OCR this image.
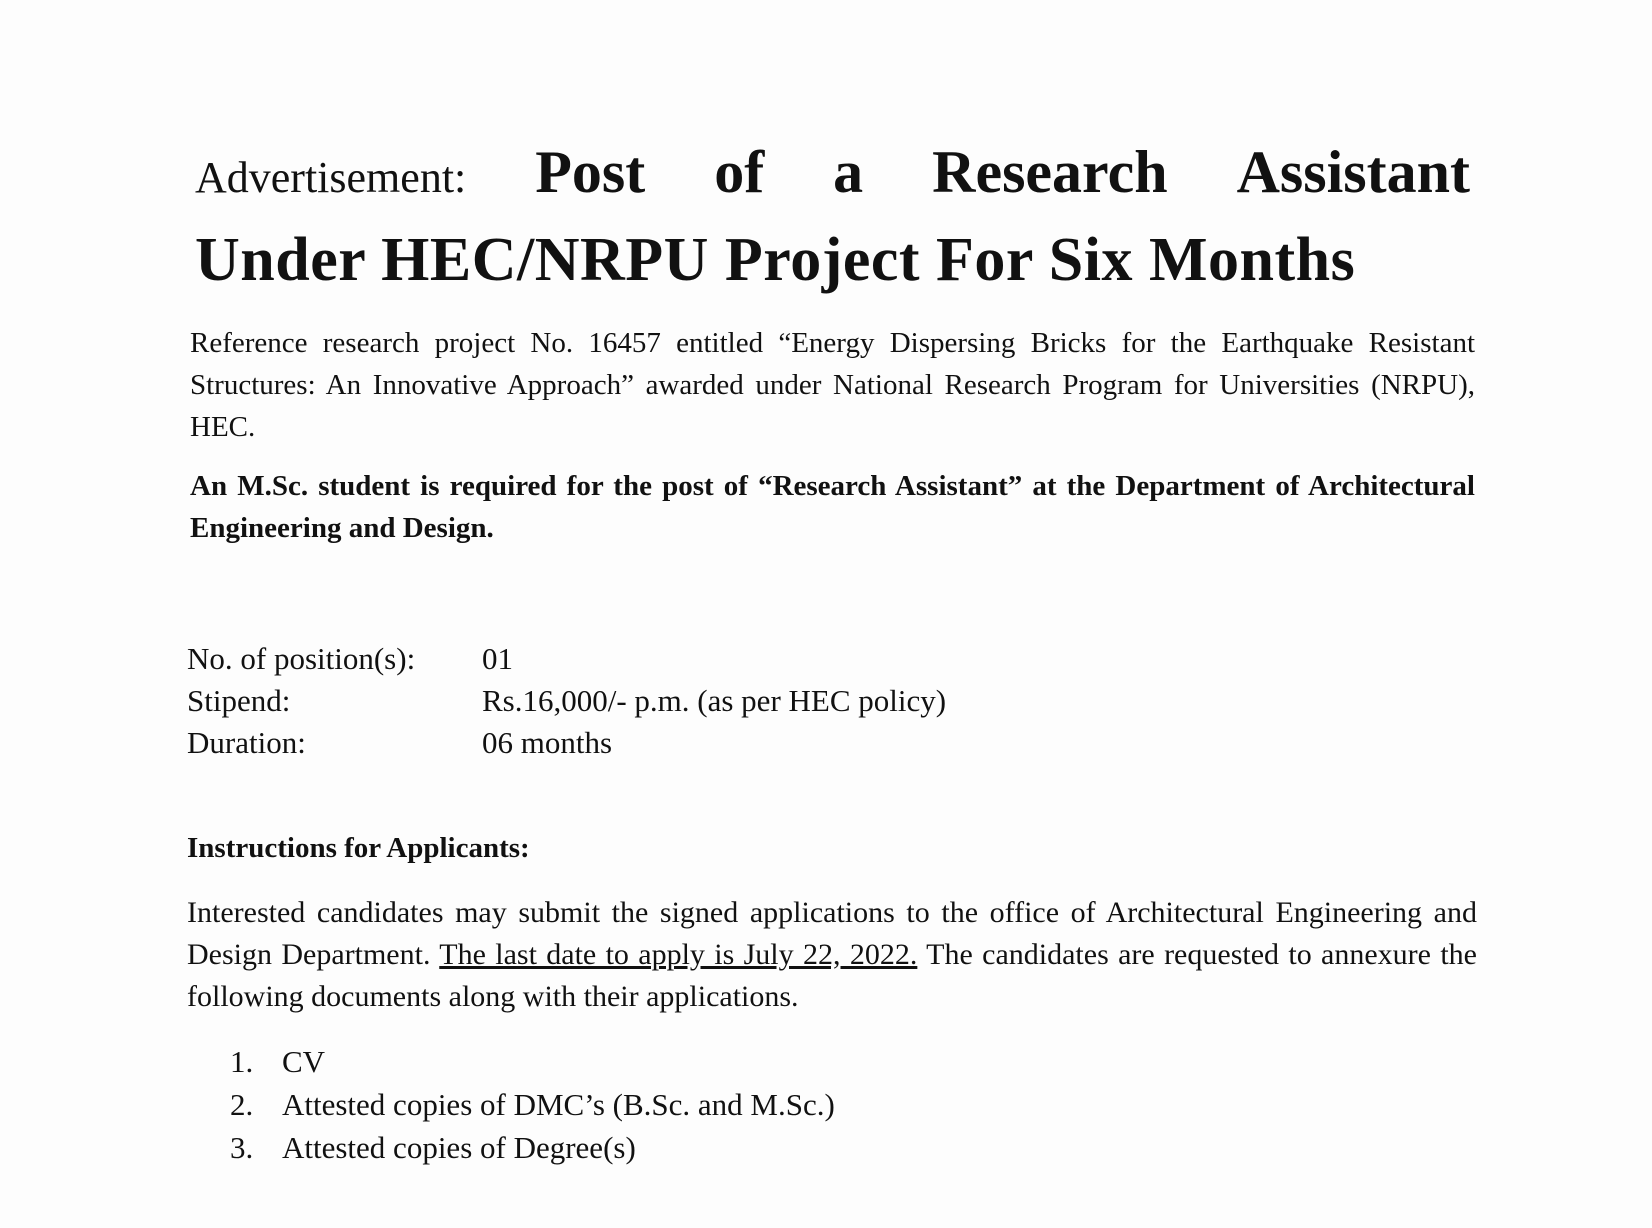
Advertisement: Post of a Research Assistant
Under HEC/NRPU Project For Six Months

Reference research project No. 16457 entitled “Energy Dispersing Bricks for the Earthquake Resistant Structures: An Innovative Approach” awarded under National Research Program for Universities (NRPU), HEC.

An M.Sc. student is required for the post of “Research Assistant” at the Department of Architectural Engineering and Design.

No. of position(s):	01
Stipend:	Rs.16,000/- p.m. (as per HEC policy)
Duration:	06 months
Instructions for Applicants:

Interested candidates may submit the signed applications to the office of Architectural Engineering and Design Department. The last date to apply is July 22, 2022. The candidates are requested to annexure the following documents along with their applications.

1. CV
2. Attested copies of DMC’s (B.Sc. and M.Sc.)
3. Attested copies of Degree(s)
